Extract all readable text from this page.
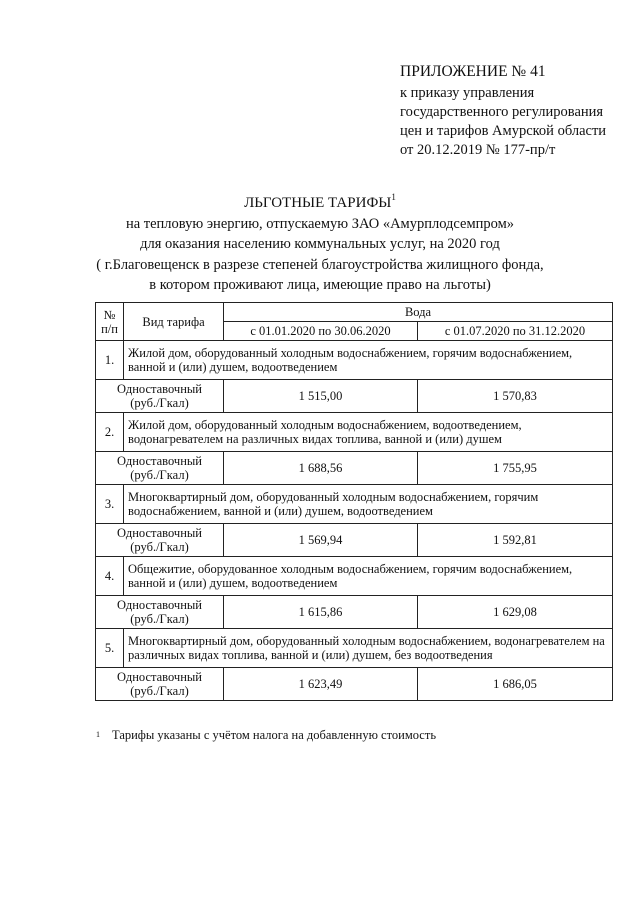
ПРИЛОЖЕНИЕ № 41
к приказу управления
государственного регулирования
цен и тарифов Амурской области
от 20.12.2019 № 177-пр/т
ЛЬГОТНЫЕ ТАРИФЫ$^1$
на тепловую энергию, отпускаемую ЗАО «Амурплодсемпром»
для оказания населению коммунальных услуг, на 2020 год
( г.Благовещенск в разрезе степеней благоустройства жилищного фонда,
в котором проживают лица, имеющие право на льготы)
№
п/п	Вид тарифа	Вода	
		с 01.01.2020 по 30.06.2020	с 01.07.2020 по 31.12.2020
1.	Жилой дом, оборудованный холодным водоснабжением, горячим водоснабжением, ванной и (или) душем, водоотведением		
Одноставочный
(руб./Гкал)		1 515,00	1 570,83
2.	Жилой дом, оборудованный холодным водоснабжением, водоотведением, водонагревателем на различных видах топлива, ванной и (или) душем		
Одноставочный
(руб./Гкал)		1 688,56	1 755,95
3.	Многоквартирный дом, оборудованный холодным водоснабжением, горячим водоснабжением, ванной и (или) душем, водоотведением		
Одноставочный
(руб./Гкал)		1 569,94	1 592,81
4.	Общежитие, оборудованное холодным водоснабжением, горячим водоснабжением, ванной и (или) душем, водоотведением		
Одноставочный
(руб./Гкал)		1 615,86	1 629,08
5.	Многоквартирный дом, оборудованный холодным водоснабжением, водонагревателем на различных видах топлива, ванной и (или) душем, без водоотведения		
Одноставочный
(руб./Гкал)		1 623,49	1 686,05
1 Тарифы указаны с учётом налога на добавленную стоимость
